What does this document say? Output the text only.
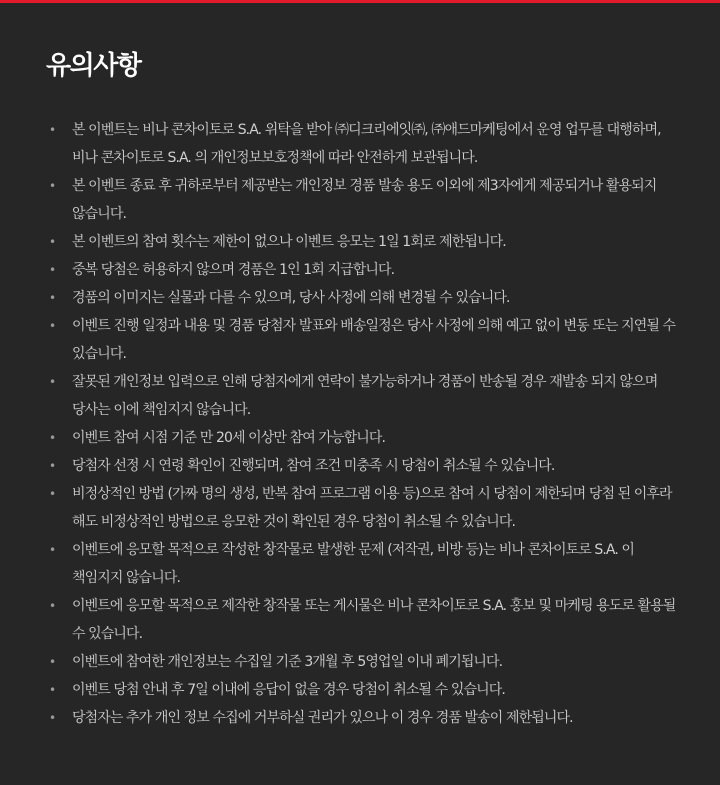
유의사항
• 본 이벤트는 비나 콘차이토로 S.A. 위탁을 받아 ㈜디크리에잇㈜, ㈜애드마케팅에서 운영 업무를 대행하며, 비나 콘차이토로 S.A. 의 개인정보보호정책에 따라 안전하게 보관됩니다.
• 본 이벤트 종료 후 귀하로부터 제공받는 개인정보 경품 발송 용도 이외에 제3자에게 제공되거나 활용되지 않습니다.
• 본 이벤트의 참여 횟수는 제한이 없으나 이벤트 응모는 1일 1회로 제한됩니다.
• 중복 당첨은 허용하지 않으며 경품은 1인 1회 지급합니다.
• 경품의 이미지는 실물과 다를 수 있으며, 당사 사정에 의해 변경될 수 있습니다.
• 이벤트 진행 일정과 내용 및 경품 당첨자 발표와 배송일정은 당사 사정에 의해 예고 없이 변동 또는 지연될 수 있습니다.
• 잘못된 개인정보 입력으로 인해 당첨자에게 연락이 불가능하거나 경품이 반송될 경우 재발송 되지 않으며 당사는 이에 책임지지 않습니다.
• 이벤트 참여 시점 기준 만 20세 이상만 참여 가능합니다.
• 당첨자 선정 시 연령 확인이 진행되며, 참여 조건 미충족 시 당첨이 취소될 수 있습니다.
• 비정상적인 방법 (가짜 명의 생성, 반복 참여 프로그램 이용 등)으로 참여 시 당첨이 제한되며 당첨 된 이후라 해도 비정상적인 방법으로 응모한 것이 확인된 경우 당첨이 취소될 수 있습니다.
• 이벤트에 응모할 목적으로 작성한 창작물로 발생한 문제 (저작권, 비방 등)는 비나 콘차이토로 S.A. 이 책임지지 않습니다.
• 이벤트에 응모할 목적으로 제작한 창작물 또는 게시물은 비나 콘차이토로 S.A. 홍보 및 마케팅 용도로 활용될 수 있습니다.
• 이벤트에 참여한 개인정보는 수집일 기준 3개월 후 5영업일 이내 폐기됩니다.
• 이벤트 당첨 안내 후 7일 이내에 응답이 없을 경우 당첨이 취소될 수 있습니다.
• 당첨자는 추가 개인 정보 수집에 거부하실 권리가 있으나 이 경우 경품 발송이 제한됩니다.
